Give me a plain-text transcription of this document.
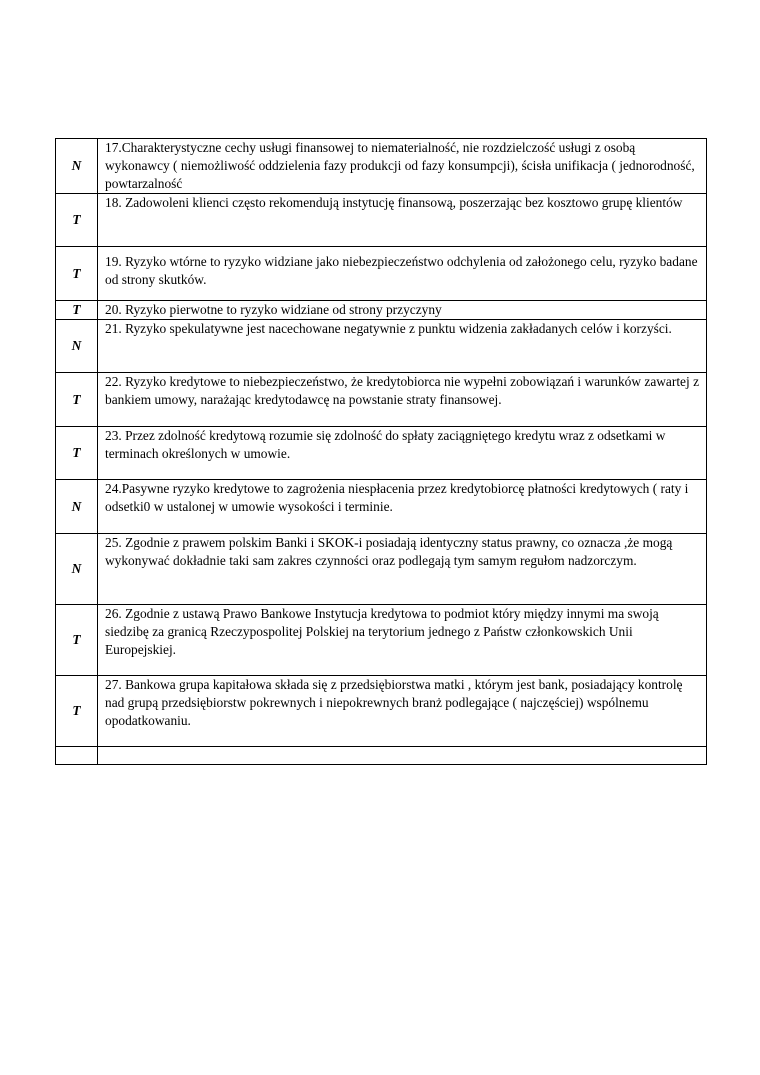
N	17.Charakterystyczne cechy usługi finansowej to niematerialność, nie rozdzielczość usługi z osobą wykonawcy ( niemożliwość oddzielenia fazy produkcji od fazy konsumpcji), ścisła unifikacja ( jednorodność, powtarzalność

T	18. Zadowoleni klienci często rekomendują instytucję finansową, poszerzając bez kosztowo grupę klientów

T	19. Ryzyko wtórne to ryzyko widziane jako niebezpieczeństwo odchylenia od założonego celu, ryzyko badane od strony skutków.

T	20. Ryzyko pierwotne to ryzyko widziane od strony przyczyny

N	21. Ryzyko spekulatywne jest nacechowane negatywnie z punktu widzenia zakładanych celów i korzyści.

T	22. Ryzyko kredytowe to niebezpieczeństwo, że kredytobiorca nie wypełni zobowiązań i warunków zawartej z bankiem umowy, narażając kredytodawcę na powstanie straty finansowej.

T	23. Przez zdolność kredytową rozumie się zdolność do spłaty zaciągniętego kredytu wraz z odsetkami w terminach określonych w umowie.

N	24.Pasywne ryzyko kredytowe to zagrożenia niespłacenia przez kredytobiorcę płatności kredytowych ( raty i odsetki0 w ustalonej w umowie wysokości i terminie.

N	25. Zgodnie z prawem polskim Banki i SKOK-i posiadają identyczny status prawny, co oznacza ,że mogą wykonywać dokładnie taki sam zakres czynności oraz podlegają tym samym regułom nadzorczym.

T	26. Zgodnie z ustawą Prawo Bankowe Instytucja kredytowa to podmiot który między innymi ma swoją siedzibę za granicą Rzeczypospolitej Polskiej na terytorium jednego z Państw członkowskich Unii Europejskiej.

T	27. Bankowa grupa kapitałowa składa się z przedsiębiorstwa matki , którym jest bank, posiadający kontrolę nad grupą przedsiębiorstw pokrewnych i niepokrewnych branż podlegające ( najczęściej) wspólnemu opodatkowaniu.
